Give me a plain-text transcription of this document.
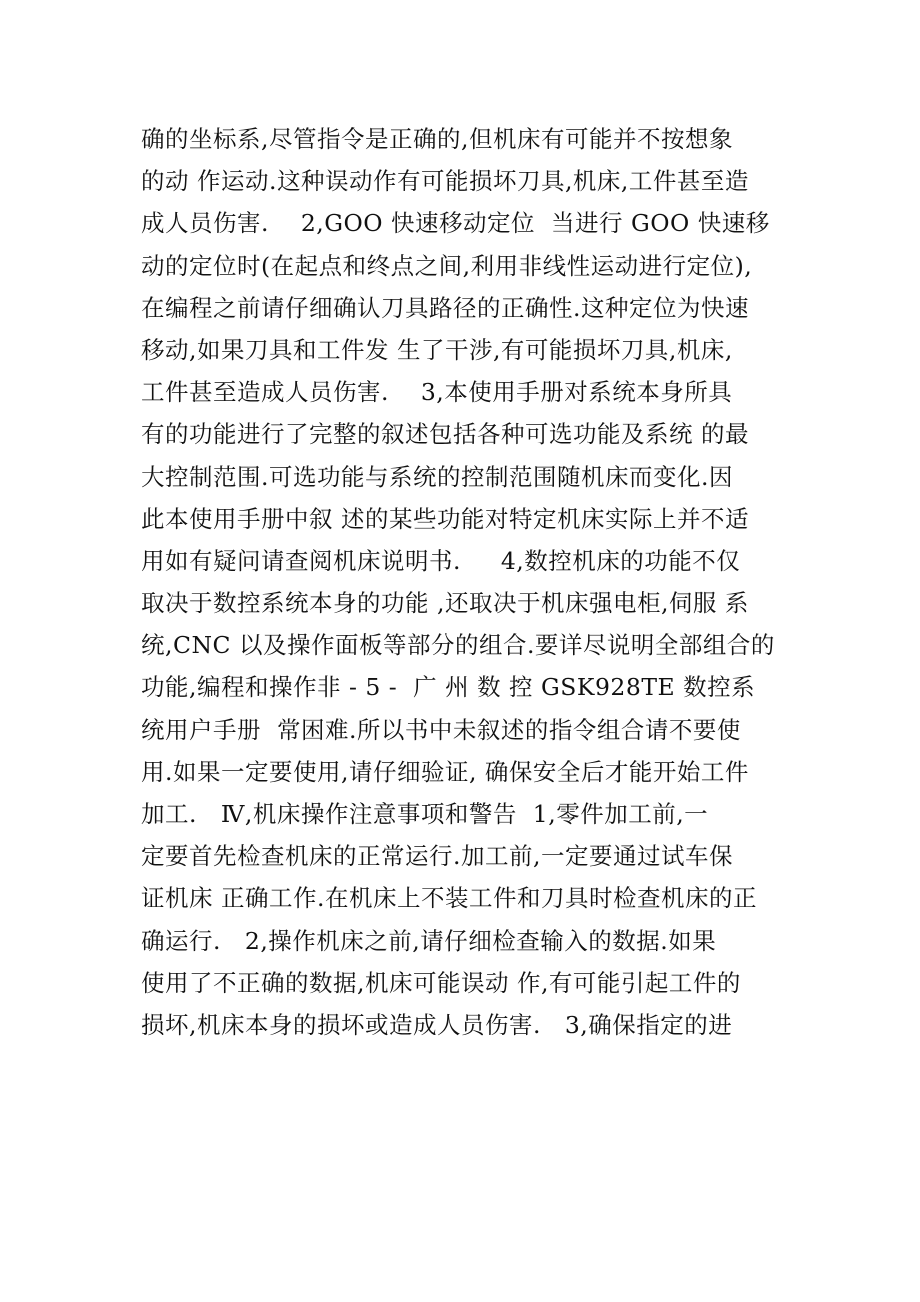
确的坐标系,尽管指令是正确的,但机床有可能并不按想象
的动 作运动.这种误动作有可能损坏刀具,机床,工件甚至造
成人员伤害.    2,GOO 快速移动定位  当进行 GOO 快速移
动的定位时(在起点和终点之间,利用非线性运动进行定位),
在编程之前请仔细确认刀具路径的正确性.这种定位为快速
移动,如果刀具和工件发 生了干涉,有可能损坏刀具,机床,
工件甚至造成人员伤害.    3,本使用手册对系统本身所具
有的功能进行了完整的叙述包括各种可选功能及系统 的最
大控制范围.可选功能与系统的控制范围随机床而变化.因
此本使用手册中叙 述的某些功能对特定机床实际上并不适
用如有疑问请查阅机床说明书.     4,数控机床的功能不仅
取决于数控系统本身的功能 ,还取决于机床强电柜,伺服 系
统,CNC 以及操作面板等部分的组合.要详尽说明全部组合的
功能,编程和操作非 - 5 -  广 州 数 控 GSK928TE 数控系
统用户手册  常困难.所以书中未叙述的指令组合请不要使
用.如果一定要使用,请仔细验证, 确保安全后才能开始工件
加工.   Ⅳ,机床操作注意事项和警告  1,零件加工前,一
定要首先检查机床的正常运行.加工前,一定要通过试车保
证机床 正确工作.在机床上不装工件和刀具时检查机床的正
确运行.   2,操作机床之前,请仔细检查输入的数据.如果
使用了不正确的数据,机床可能误动 作,有可能引起工件的
损坏,机床本身的损坏或造成人员伤害.   3,确保指定的进
